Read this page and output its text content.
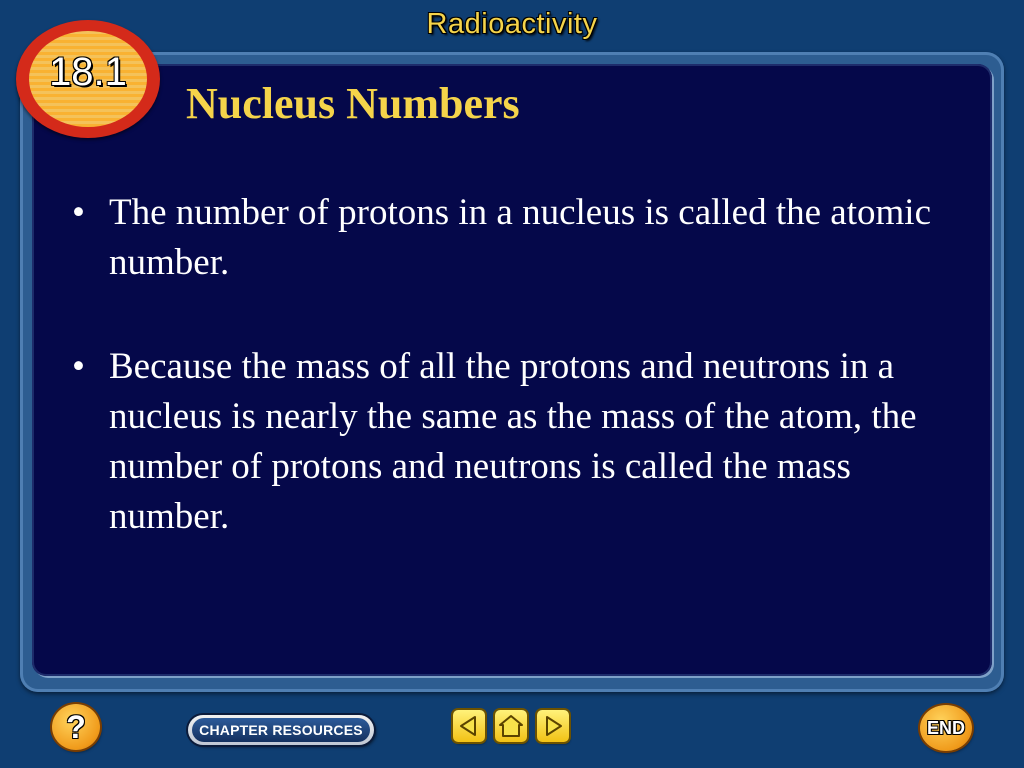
Radioactivity
18.1
Nucleus Numbers
• The number of protons in a nucleus is called the atomic number.
• Because the mass of all the protons and neutrons in a nucleus is nearly the same as the mass of the atom, the number of protons and neutrons is called the mass number.
?	CHAPTER RESOURCES	END
